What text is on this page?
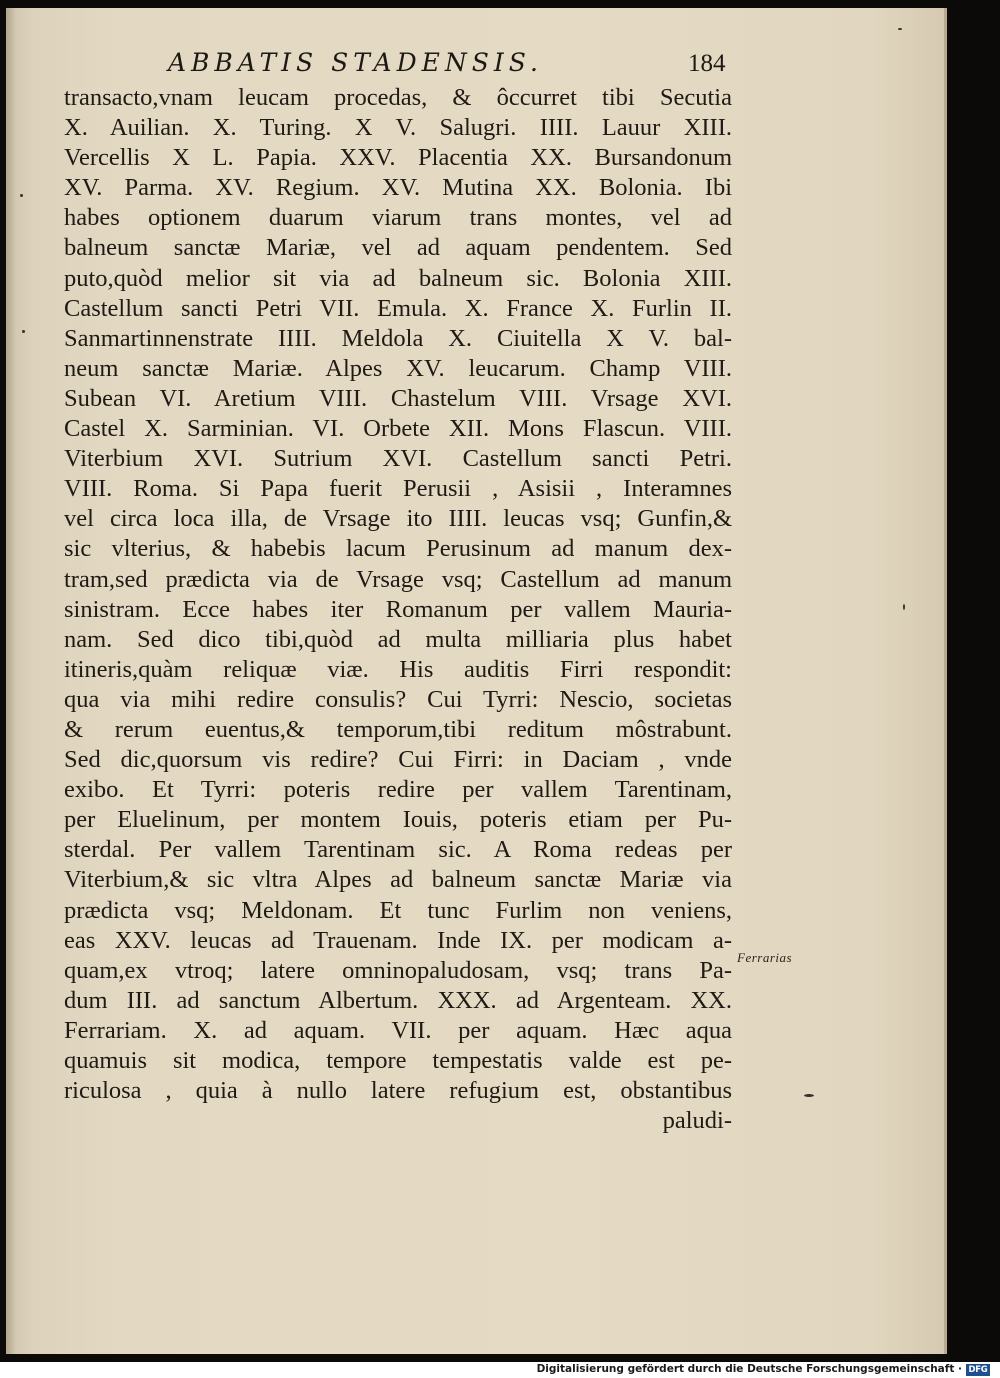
ABBATIS STADENSIS.	184
transacto,vnam leucam procedas, & ôccurret tibi Secutia
X. Auilian. X. Turing. X V. Salugri. IIII. Lauur XIII.
Vercellis X L. Papia. XXV. Placentia XX. Bursandonum
XV. Parma. XV. Regium. XV. Mutina XX. Bolonia. Ibi
habes optionem duarum viarum trans montes, vel ad
balneum sanctæ Mariæ, vel ad aquam pendentem. Sed
puto,quòd melior sit via ad balneum sic. Bolonia XIII.
Castellum sancti Petri VII. Emula. X. France X. Furlin II.
Sanmartinnenstrate IIII. Meldola X. Ciuitella X V. bal-
neum sanctæ Mariæ. Alpes XV. leucarum. Champ VIII.
Subean VI. Aretium VIII. Chastelum VIII. Vrsage XVI.
Castel X. Sarminian. VI. Orbete XII. Mons Flascun. VIII.
Viterbium XVI. Sutrium XVI. Castellum sancti Petri.
VIII. Roma. Si Papa fuerit Perusii , Asisii , Interamnes
vel circa loca illa, de Vrsage ito IIII. leucas vsq; Gunfin,&
sic vlterius, & habebis lacum Perusinum ad manum dex-
tram,sed prædicta via de Vrsage vsq; Castellum ad manum
sinistram. Ecce habes iter Romanum per vallem Mauria-
nam. Sed dico tibi,quòd ad multa milliaria plus habet
itineris,quàm reliquæ viæ. His auditis Firri respondit:
qua via mihi redire consulis? Cui Tyrri: Nescio, societas
& rerum euentus,& temporum,tibi reditum môstrabunt.
Sed dic,quorsum vis redire? Cui Firri: in Daciam , vnde
exibo. Et Tyrri: poteris redire per vallem Tarentinam,
per Eluelinum, per montem Iouis, poteris etiam per Pu-
sterdal. Per vallem Tarentinam sic. A Roma redeas per
Viterbium,& sic vltra Alpes ad balneum sanctæ Mariæ via
prædicta vsq; Meldonam. Et tunc Furlim non veniens,
eas XXV. leucas ad Trauenam. Inde IX. per modicam a-
quam,ex vtroq; latere omninopaludosam, vsq; trans Pa-
dum III. ad sanctum Albertum. XXX. ad Argenteam. XX.
Ferrariam. X. ad aquam. VII. per aquam. Hæc aqua
quamuis sit modica, tempore tempestatis valde est pe-
riculosa , quia à nullo latere refugium est, obstantibus
paludi-
Ferrarias
Digitalisierung gefördert durch die Deutsche Forschungsgemeinschaft · DFG
